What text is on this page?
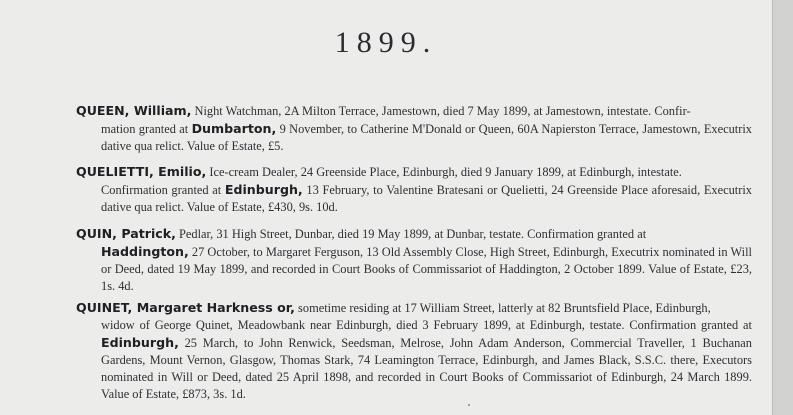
1899.
QUEEN, William, Night Watchman, 2A Milton Terrace, Jamestown, died 7 May 1899, at Jamestown, intestate. Confir-
mation granted at Dumbarton, 9 November, to Catherine M'Donald or Queen, 60A Napierston Terrace, Jamestown, Executrix dative qua relict. Value of Estate, £5.
QUELIETTI, Emilio, Ice-cream Dealer, 24 Greenside Place, Edinburgh, died 9 January 1899, at Edinburgh, intestate.
Confirmation granted at Edinburgh, 13 February, to Valentine Bratesani or Quelietti, 24 Greenside Place aforesaid, Executrix dative qua relict. Value of Estate, £430, 9s. 10d.
QUIN, Patrick, Pedlar, 31 High Street, Dunbar, died 19 May 1899, at Dunbar, testate. Confirmation granted at
Haddington, 27 October, to Margaret Ferguson, 13 Old Assembly Close, High Street, Edinburgh, Executrix nominated in Will or Deed, dated 19 May 1899, and recorded in Court Books of Commissariot of Haddington, 2 October 1899. Value of Estate, £23, 1s. 4d.
QUINET, Margaret Harkness or, sometime residing at 17 William Street, latterly at 82 Bruntsfield Place, Edinburgh,
widow of George Quinet, Meadowbank near Edinburgh, died 3 February 1899, at Edinburgh, testate. Confirmation granted at Edinburgh, 25 March, to John Renwick, Seedsman, Melrose, John Adam Anderson, Commercial Traveller, 1 Buchanan Gardens, Mount Vernon, Glasgow, Thomas Stark, 74 Leamington Terrace, Edinburgh, and James Black, S.S.C. there, Executors nominated in Will or Deed, dated 25 April 1898, and recorded in Court Books of Commissariot of Edinburgh, 24 March 1899. Value of Estate, £873, 3s. 1d.
